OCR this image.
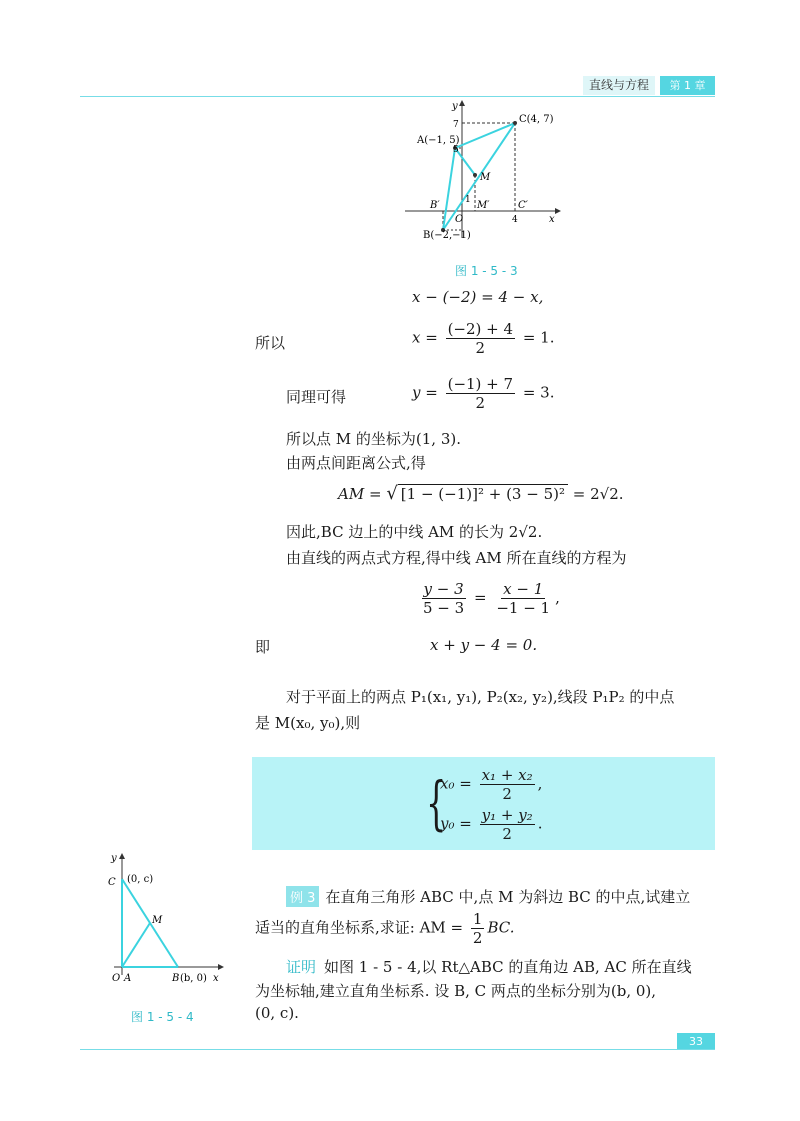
直线与方程	第 1 章
y
x
O
C(4, 7)
A(−1, 5)
M
B′	M′	C′
B(−2,−1)
7
5
1
4
图 1 - 5 - 3
x − (−2) = 4 − x,
所以	$x = \frac{(-2) + 4}{2} = 1$.
同理可得	$y = \frac{(-1) + 7}{2} = 3$.
所以点 M 的坐标为(1, 3).
由两点间距离公式,得
AM = √ [1 − (−1)]² + (3 − 5)² = 2√2.
因此,BC 边上的中线 AM 的长为 2√2.
由直线的两点式方程,得中线 AM 所在直线的方程为
$\frac{y - 3}{5 - 3} = \frac{x - 1}{-1 - 1}$ ,
即	x + y − 4 = 0.
对于平面上的两点 P₁(x₁, y₁), P₂(x₂, y₂),线段 P₁P₂ 的中点
是 M(x₀, y₀),则
{
$x_0 = \frac{\text{x₁ + x₂}}{2}$ ,
$y_0 = \frac{\text{y₁ + y₂}}{2}$ .
y
x
C (0, c)
M
O A	B (b, 0)
图 1 - 5 - 4
例 3 在直角三角形 ABC 中,点 M 为斜边 BC 的中点,试建立
适当的直角坐标系,求证: AM = $\frac{1}{2}$ BC.
证明 如图 1 - 5 - 4,以 Rt△ABC 的直角边 AB, AC 所在直线
为坐标轴,建立直角坐标系. 设 B, C 两点的坐标分别为(b, 0),
(0, c).
33
